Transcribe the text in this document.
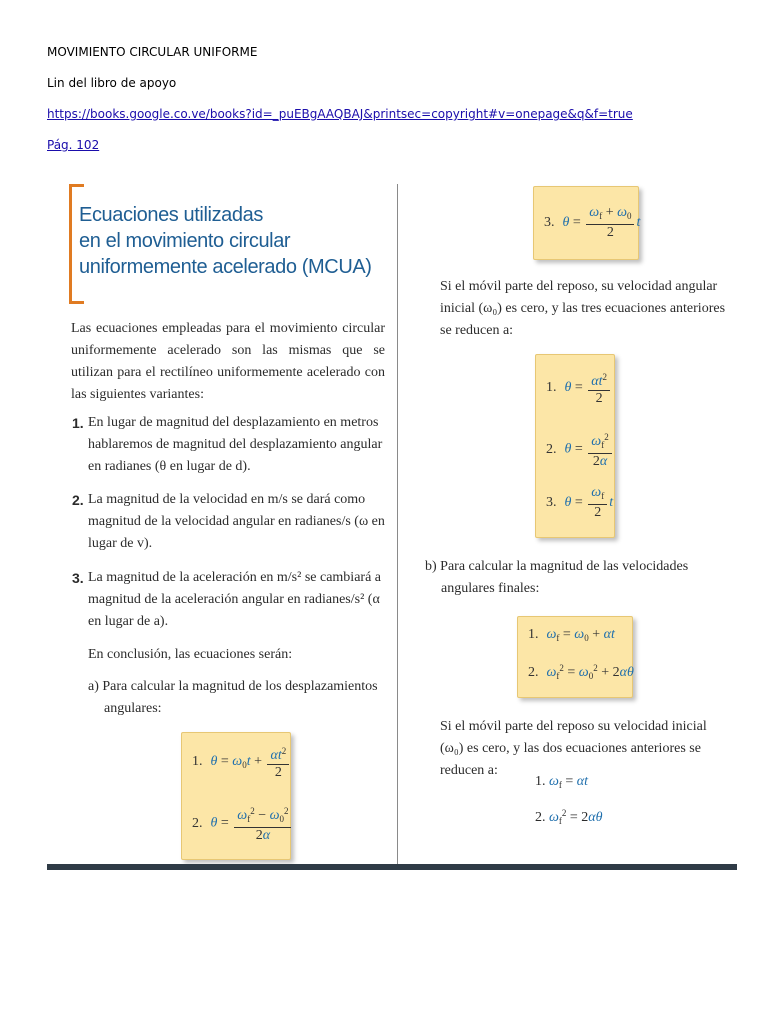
MOVIMIENTO CIRCULAR UNIFORME
Lin del libro de apoyo
https://books.google.co.ve/books?id=_puEBgAAQBAJ&printsec=copyright#v=onepage&q&f=true
Pág. 102
Ecuaciones utilizadas
en el movimiento circular
uniformemente acelerado (MCUA)
Las ecuaciones empleadas para el movimiento circular uniformemente acelerado son las mismas que se utilizan para el rectilíneo uniformemente acelerado con las siguientes variantes:
1. En lugar de magnitud del desplazamiento en metros hablaremos de magnitud del desplazamiento angular en radianes (θ en lugar de d).
2. La magnitud de la velocidad en m/s se dará como magnitud de la velocidad angular en radianes/s (ω en lugar de v).
3. La magnitud de la aceleración en m/s² se cambiará a magnitud de la aceleración angular en radianes/s² (α en lugar de a).
En conclusión, las ecuaciones serán:
a) Para calcular la magnitud de los desplazamientos angulares:
1. $\theta = \omega_0t + \frac{\alpha t^2}{2}$
2. $\theta = \frac{\omega_f^2 - \omega_0^2}{2\alpha}$
3. $\theta = \frac{\omega_f + \omega_0}{2}$ t
Si el móvil parte del reposo, su velocidad angular inicial (ω₀) es cero, y las tres ecuaciones anteriores se reducen a:
1. $\theta = \frac{\alpha t^2}{2}$
2. $\theta = \frac{\omega_f^2}{2\alpha}$
3. $\theta = \frac{\omega_f}{2}$ t
b) Para calcular la magnitud de las velocidades angulares finales:
1. $\omega_f = \omega_0 + \alpha t$
2. $\omega_f^2 = \omega_0^2 + 2\alpha\theta$
Si el móvil parte del reposo su velocidad inicial (ω₀) es cero, y las dos ecuaciones anteriores se reducen a:
1. $\omega_f = \alpha t$
2. $\omega_f^2 = 2\alpha\theta$
